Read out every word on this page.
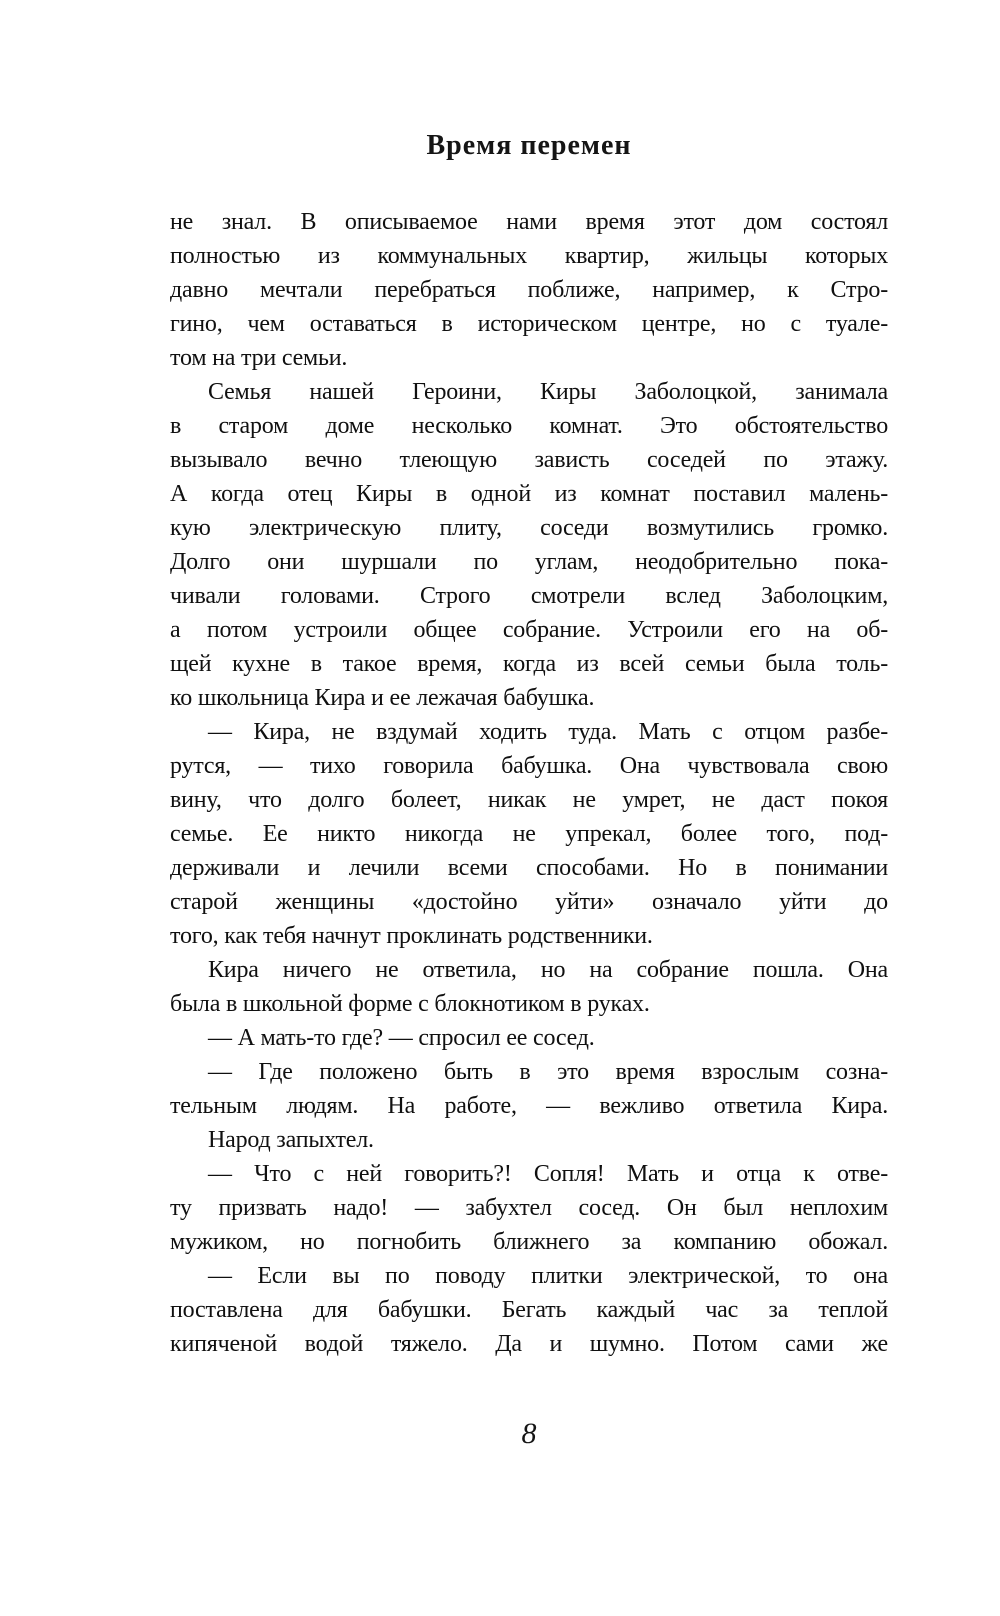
Время перемен
не знал. В описываемое нами время этот дом состоял
полностью из коммунальных квартир, жильцы которых
давно мечтали перебраться поближе, например, к Стро-
гино, чем оставаться в историческом центре, но с туале-
том на три семьи.
Семья нашей Героини, Киры Заболоцкой, занимала
в старом доме несколько комнат. Это обстоятельство
вызывало вечно тлеющую зависть соседей по этажу.
А когда отец Киры в одной из комнат поставил малень-
кую электрическую плиту, соседи возмутились громко.
Долго они шуршали по углам, неодобрительно пока-
чивали головами. Строго смотрели вслед Заболоцким,
а потом устроили общее собрание. Устроили его на об-
щей кухне в такое время, когда из всей семьи была толь-
ко школьница Кира и ее лежачая бабушка.
— Кира, не вздумай ходить туда. Мать с отцом разбе-
рутся, — тихо говорила бабушка. Она чувствовала свою
вину, что долго болеет, никак не умрет, не даст покоя
семье. Ее никто никогда не упрекал, более того, под-
держивали и лечили всеми способами. Но в понимании
старой женщины «достойно уйти» означало уйти до
того, как тебя начнут проклинать родственники.
Кира ничего не ответила, но на собрание пошла. Она
была в школьной форме с блокнотиком в руках.
— А мать-то где? — спросил ее сосед.
— Где положено быть в это время взрослым созна-
тельным людям. На работе, — вежливо ответила Кира.
Народ запыхтел.
— Что с ней говорить?! Сопля! Мать и отца к отве-
ту призвать надо! — забухтел сосед. Он был неплохим
мужиком, но погнобить ближнего за компанию обожал.
— Если вы по поводу плитки электрической, то она
поставлена для бабушки. Бегать каждый час за теплой
кипяченой водой тяжело. Да и шумно. Потом сами же
8
